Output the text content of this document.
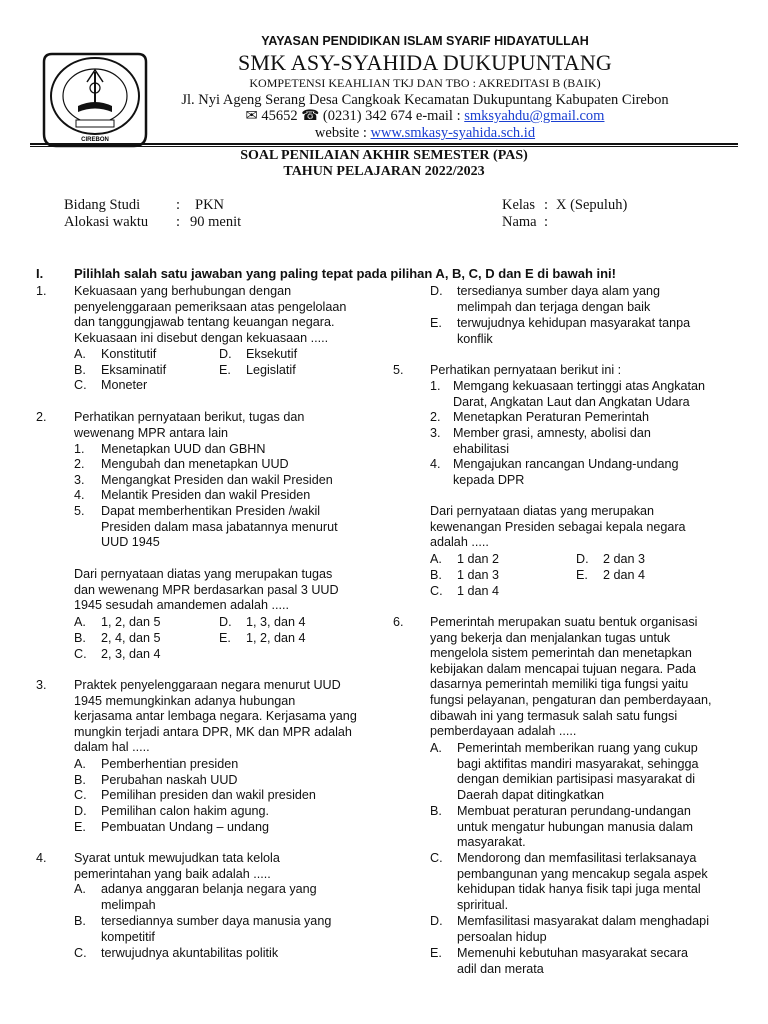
CIREBON
YAYASAN PENDIDIKAN ISLAM SYARIF HIDAYATULLAH
SMK ASY-SYAHIDA DUKUPUNTANG
KOMPETENSI KEAHLIAN TKJ DAN TBO : AKREDITASI B (BAIK)
Jl. Nyi Ageng Serang Desa Cangkoak Kecamatan Dukupuntang Kabupaten Cirebon
✉ 45652 ☎ (0231) 342 674 e-mail : smksyahdu@gmail.com
website : www.smkasy-syahida.sch.id
SOAL PENILAIAN AKHIR SEMESTER (PAS)
TAHUN PELAJARAN 2022/2023
Bidang Studi : PKN
Alokasi waktu : 90 menit
Kelas : X (Sepuluh)
Nama :
I. Pilihlah salah satu jawaban yang paling tepat pada pilihan A, B, C, D dan E di bawah ini!
1. Kekuasaan yang berhubungan dengan
penyelenggaraan pemeriksaan atas pengelolaan
dan tanggungjawab tentang keuangan negara.
Kekuasaan ini disebut dengan kekuasaan .....
A. Konstitutif	D. Eksekutif
B. Eksaminatif	E. Legislatif
C. Moneter
2. Perhatikan pernyataan berikut, tugas dan
wewenang MPR antara lain
1. Menetapkan UUD dan GBHN
2. Mengubah dan menetapkan UUD
3. Mengangkat Presiden dan wakil Presiden
4. Melantik Presiden dan wakil Presiden
5. Dapat memberhentikan Presiden /wakil
Presiden dalam masa jabatannya menurut
UUD 1945
Dari pernyataan diatas yang merupakan tugas
dan wewenang MPR berdasarkan pasal 3 UUD
1945 sesudah amandemen adalah .....
A. 1, 2, dan 5	D. 1, 3, dan 4
B. 2, 4, dan 5	E. 1, 2, dan 4
C. 2, 3, dan 4
3. Praktek penyelenggaraan negara menurut UUD
1945 memungkinkan adanya hubungan
kerjasama antar lembaga negara. Kerjasama yang
mungkin terjadi antara DPR, MK dan MPR adalah
dalam hal .....
A. Pemberhentian presiden
B. Perubahan naskah UUD
C. Pemilihan presiden dan wakil presiden
D. Pemilihan calon hakim agung.
E. Pembuatan Undang – undang
4. Syarat untuk mewujudkan tata kelola
pemerintahan yang baik adalah .....
A. adanya anggaran belanja negara yang
melimpah
B. tersediannya sumber daya manusia yang
kompetitif
C. terwujudnya akuntabilitas politik
D. tersedianya sumber daya alam yang
melimpah dan terjaga dengan baik
E. terwujudnya kehidupan masyarakat tanpa
konflik
5. Perhatikan pernyataan berikut ini :
1. Memgang kekuasaan tertinggi atas Angkatan
Darat, Angkatan Laut dan Angkatan Udara
2. Menetapkan Peraturan Pemerintah
3. Member grasi, amnesty, abolisi dan
ehabilitasi
4. Mengajukan rancangan Undang-undang
kepada DPR
Dari pernyataan diatas yang merupakan
kewenangan Presiden sebagai kepala negara
adalah .....
A. 1 dan 2	D. 2 dan 3
B. 1 dan 3	E. 2 dan 4
C. 1 dan 4
6. Pemerintah merupakan suatu bentuk organisasi
yang bekerja dan menjalankan tugas untuk
mengelola sistem pemerintah dan menetapkan
kebijakan dalam mencapai tujuan negara. Pada
dasarnya pemerintah memiliki tiga fungsi yaitu
fungsi pelayanan, pengaturan dan pemberdayaan,
dibawah ini yang termasuk salah satu fungsi
pemberdayaan adalah .....
A. Pemerintah memberikan ruang yang cukup
bagi aktifitas mandiri masyarakat, sehingga
dengan demikian partisipasi masyarakat di
Daerah dapat ditingkatkan
B. Membuat peraturan perundang-undangan
untuk mengatur hubungan manusia dalam
masyarakat.
C. Mendorong dan memfasilitasi terlaksanaya
pembangunan yang mencakup segala aspek
kehidupan tidak hanya fisik tapi juga mental
spriritual.
D. Memfasilitasi masyarakat dalam menghadapi
persoalan hidup
E. Memenuhi kebutuhan masyarakat secara
adil dan merata
